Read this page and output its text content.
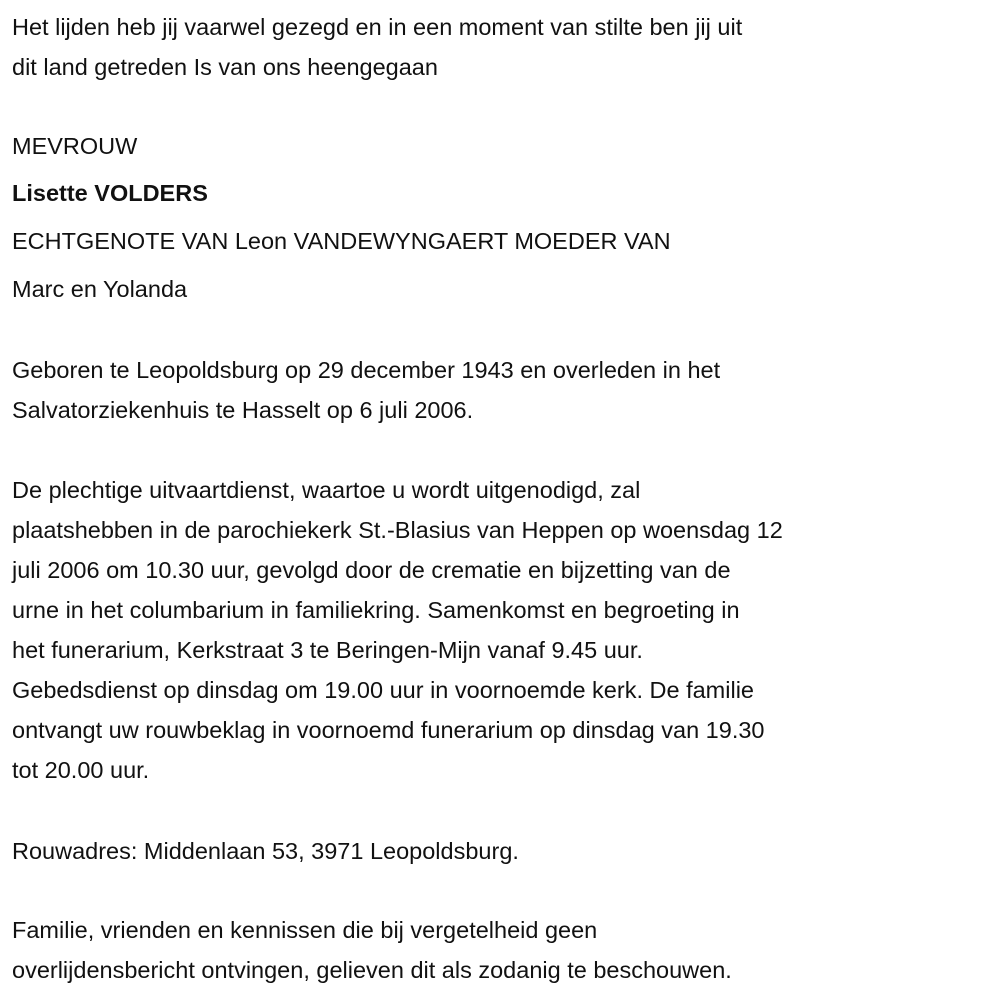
Het lijden heb jij vaarwel gezegd en in een moment van stilte ben jij uit
dit land getreden Is van ons heengegaan
MEVROUW
Lisette VOLDERS
ECHTGENOTE VAN Leon VANDEWYNGAERT MOEDER VAN
Marc en Yolanda
Geboren te Leopoldsburg op 29 december 1943 en overleden in het
Salvatorziekenhuis te Hasselt op 6 juli 2006.
De plechtige uitvaartdienst, waartoe u wordt uitgenodigd, zal
plaatshebben in de parochiekerk St.-Blasius van Heppen op woensdag 12
juli 2006 om 10.30 uur, gevolgd door de crematie en bijzetting van de
urne in het columbarium in familiekring. Samenkomst en begroeting in
het funerarium, Kerkstraat 3 te Beringen-Mijn vanaf 9.45 uur.
Gebedsdienst op dinsdag om 19.00 uur in voornoemde kerk. De familie
ontvangt uw rouwbeklag in voornoemd funerarium op dinsdag van 19.30
tot 20.00 uur.
Rouwadres: Middenlaan 53, 3971 Leopoldsburg.
Familie, vrienden en kennissen die bij vergetelheid geen
overlijdensbericht ontvingen, gelieven dit als zodanig te beschouwen.
